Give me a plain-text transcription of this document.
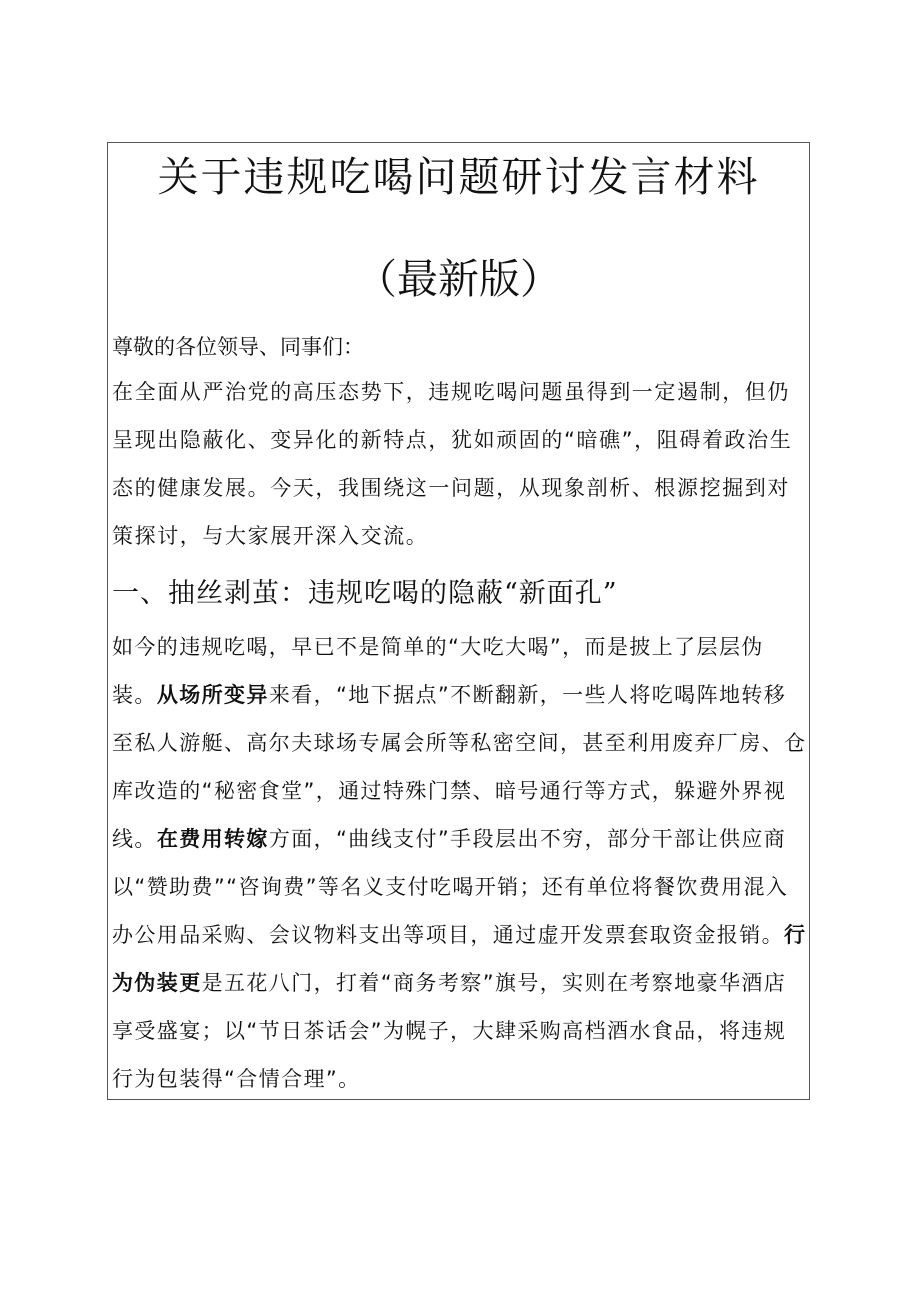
关于违规吃喝问题研讨发言材料
（最新版）

尊敬的各位领导、同事们：

在全面从严治党的高压态势下，违规吃喝问题虽得到一定遏制，但仍呈现出隐蔽化、变异化的新特点，犹如顽固的“暗礁”，阻碍着政治生态的健康发展。今天，我围绕这一问题，从现象剖析、根源挖掘到对策探讨，与大家展开深入交流。

一、抽丝剥茧：违规吃喝的隐蔽“新面孔”

如今的违规吃喝，早已不是简单的“大吃大喝”，而是披上了层层伪装。从场所变异来看，“地下据点”不断翻新，一些人将吃喝阵地转移至私人游艇、高尔夫球场专属会所等私密空间，甚至利用废弃厂房、仓库改造的“秘密食堂”，通过特殊门禁、暗号通行等方式，躲避外界视线。在费用转嫁方面，“曲线支付”手段层出不穷，部分干部让供应商以“赞助费”“咨询费”等名义支付吃喝开销；还有单位将餐饮费用混入办公用品采购、会议物料支出等项目，通过虚开发票套取资金报销。行为伪装更是五花八门，打着“商务考察”旗号，实则在考察地豪华酒店享受盛宴；以“节日茶话会”为幌子，大肆采购高档酒水食品，将违规行为包装得“合情合理”。
